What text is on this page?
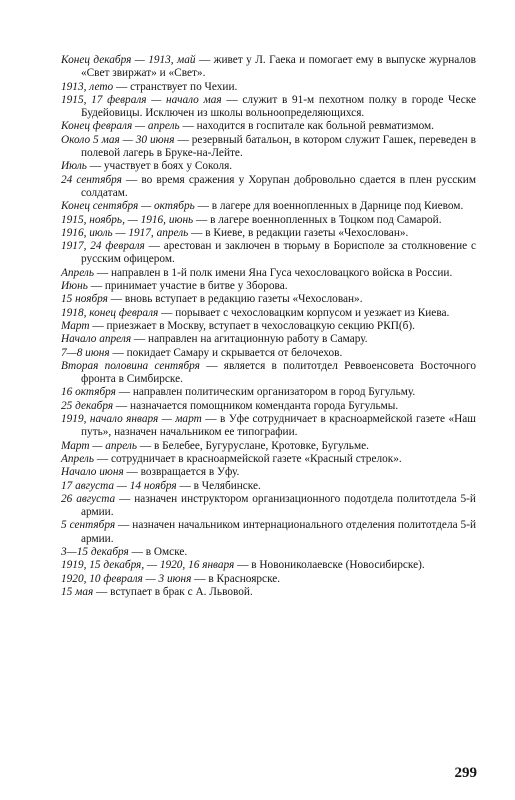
Конец декабря — 1913, май — живет у Л. Гаека и помогает ему в выпуске журналов «Свет звиржат» и «Свет».

1913, лето — странствует по Чехии.

1915, 17 февраля — начало мая — служит в 91-м пехотном полку в городе Ческе Будейовицы. Исключен из школы вольноопределяющихся.

Конец февраля — апрель — находится в госпитале как больной ревматизмом.

Около 5 мая — 30 июня — резервный батальон, в котором служит Гашек, переведен в полевой лагерь в Бруке-на-Лейте.

Июль — участвует в боях у Соколя.

24 сентября — во время сражения у Хорупан добровольно сдается в плен русским солдатам.

Конец сентября — октябрь — в лагере для военнопленных в Дарнице под Киевом.

1915, ноябрь, — 1916, июнь — в лагере военнопленных в Тоцком под Самарой.

1916, июль — 1917, апрель — в Киеве, в редакции газеты «Чехослован».

1917, 24 февраля — арестован и заключен в тюрьму в Борисполе за столкновение с русским офицером.

Апрель — направлен в 1-й полк имени Яна Гуса чехословацкого войска в России.

Июнь — принимает участие в битве у Зборова.

15 ноября — вновь вступает в редакцию газеты «Чехослован».

1918, конец февраля — порывает с чехословацким корпусом и уезжает из Киева.

Март — приезжает в Москву, вступает в чехословацкую секцию РКП(б).

Начало апреля — направлен на агитационную работу в Самару.

7—8 июня — покидает Самару и скрывается от белочехов.

Вторая половина сентября — является в политотдел Реввоенсовета Восточного фронта в Симбирске.

16 октября — направлен политическим организатором в город Бугульму.

25 декабря — назначается помощником коменданта города Бугульмы.

1919, начало января — март — в Уфе сотрудничает в красноармейской газете «Наш путь», назначен начальником ее типографии.

Март — апрель — в Белебее, Бугуруслане, Кротовке, Бугульме.

Апрель — сотрудничает в красноармейской газете «Красный стрелок».

Начало июня — возвращается в Уфу.

17 августа — 14 ноября — в Челябинске.

26 августа — назначен инструктором организационного подотдела политотдела 5-й армии.

5 сентября — назначен начальником интернационального отделения политотдела 5-й армии.

3—15 декабря — в Омске.

1919, 15 декабря, — 1920, 16 января — в Новониколаевске (Новосибирске).

1920, 10 февраля — 3 июня — в Красноярске.

15 мая — вступает в брак с А. Львовой.

299
